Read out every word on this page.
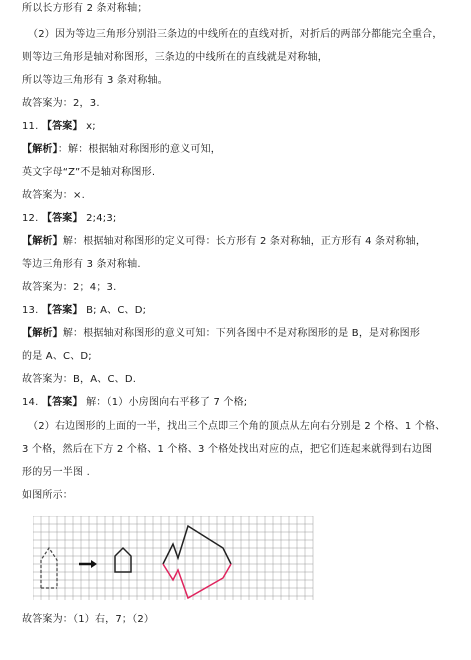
所以长方形有 2 条对称轴；
（2）因为等边三角形分别沿三条边的中线所在的直线对折，对折后的两部分都能完全重合，
则等边三角形是轴对称图形，三条边的中线所在的直线就是对称轴，
所以等边三角形有 3 条对称轴。
故答案为：2，3.
11. 【答案】 x;
【解析】：解：根据轴对称图形的意义可知，
英文字母“Z”不是轴对称图形.
故答案为：×.
12. 【答案】 2;4;3;
【解析】解：根据轴对称图形的定义可得：长方形有 2 条对称轴，正方形有 4 条对称轴，
等边三角形有 3 条对称轴.
故答案为：2；4；3.
13. 【答案】 B; A、C、D;
【解析】解：根据轴对称图形的意义可知：下列各图中不是对称图形的是 B，是对称图形
的是 A、C、D;
故答案为：B，A、C、D.
14. 【答案】 解：（1）小房图向右平移了 7 个格;
（2）右边图形的上面的一半，找出三个点即三个角的顶点从左向右分别是 2 个格、1 个格、
3 个格，然后在下方 2 个格、1 个格、3 个格处找出对应的点，把它们连起来就得到右边图
形的另一半图 .
如图所示：
故答案为：（1）右，7；（2）
